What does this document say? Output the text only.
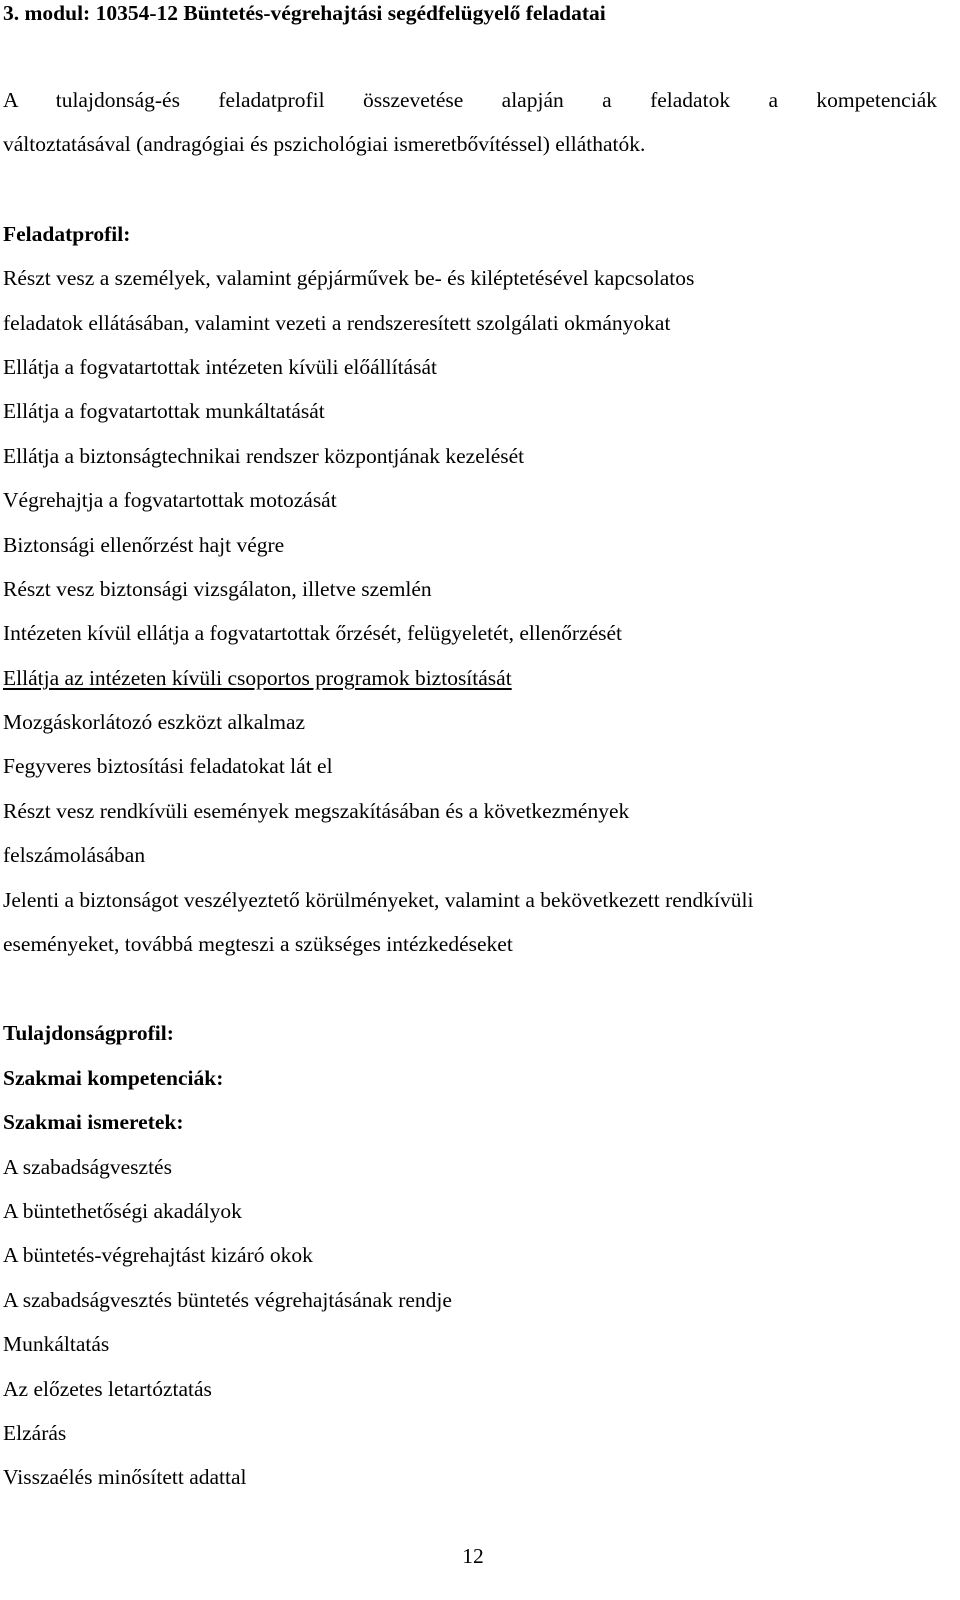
3. modul: 10354-12 Büntetés-végrehajtási segédfelügyelő feladatai

A tulajdonság-és feladatprofil összevetése alapján a feladatok a kompetenciák

változtatásával (andragógiai és pszichológiai ismeretbővítéssel) elláthatók.

Feladatprofil:

Részt vesz a személyek, valamint gépjárművek be- és kiléptetésével kapcsolatos

feladatok ellátásában, valamint vezeti a rendszeresített szolgálati okmányokat

Ellátja a fogvatartottak intézeten kívüli előállítását

Ellátja a fogvatartottak munkáltatását

Ellátja a biztonságtechnikai rendszer központjának kezelését

Végrehajtja a fogvatartottak motozását

Biztonsági ellenőrzést hajt végre

Részt vesz biztonsági vizsgálaton, illetve szemlén

Intézeten kívül ellátja a fogvatartottak őrzését, felügyeletét, ellenőrzését

Ellátja az intézeten kívüli csoportos programok biztosítását

Mozgáskorlátozó eszközt alkalmaz

Fegyveres biztosítási feladatokat lát el

Részt vesz rendkívüli események megszakításában és a következmények

felszámolásában

Jelenti a biztonságot veszélyeztető körülményeket, valamint a bekövetkezett rendkívüli

eseményeket, továbbá megteszi a szükséges intézkedéseket

Tulajdonságprofil:

Szakmai kompetenciák:

Szakmai ismeretek:

A szabadságvesztés

A büntethetőségi akadályok

A büntetés-végrehajtást kizáró okok

A szabadságvesztés büntetés végrehajtásának rendje

Munkáltatás

Az előzetes letartóztatás

Elzárás

Visszaélés minősített adattal

12
